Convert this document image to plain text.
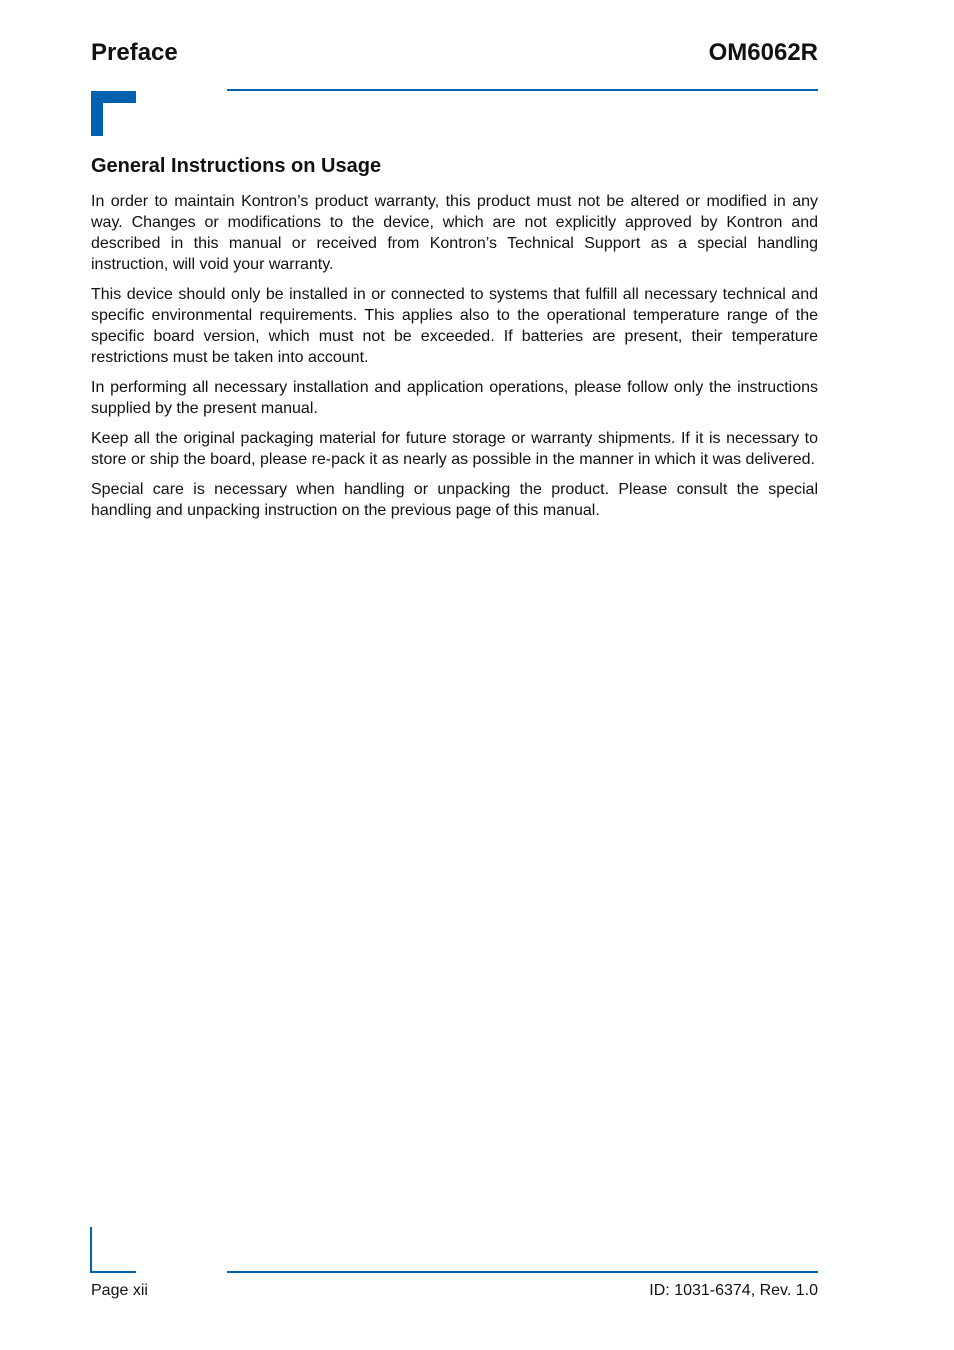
Preface	OM6062R
General Instructions on Usage

In order to maintain Kontron’s product warranty, this product must not be altered or modified in any way. Changes or modifications to the device, which are not explicitly approved by Kontron and described in this manual or received from Kontron’s Technical Support as a special handling instruction, will void your warranty.

This device should only be installed in or connected to systems that fulfill all necessary technical and specific environmental requirements. This applies also to the operational temperature range of the specific board version, which must not be exceeded. If batteries are present, their temperature restrictions must be taken into account.

In performing all necessary installation and application operations, please follow only the instructions supplied by the present manual.

Keep all the original packaging material for future storage or warranty shipments. If it is necessary to store or ship the board, please re-pack it as nearly as possible in the manner in which it was delivered.

Special care is necessary when handling or unpacking the product. Please consult the special handling and unpacking instruction on the previous page of this manual.

Page xii	ID: 1031-6374, Rev. 1.0
